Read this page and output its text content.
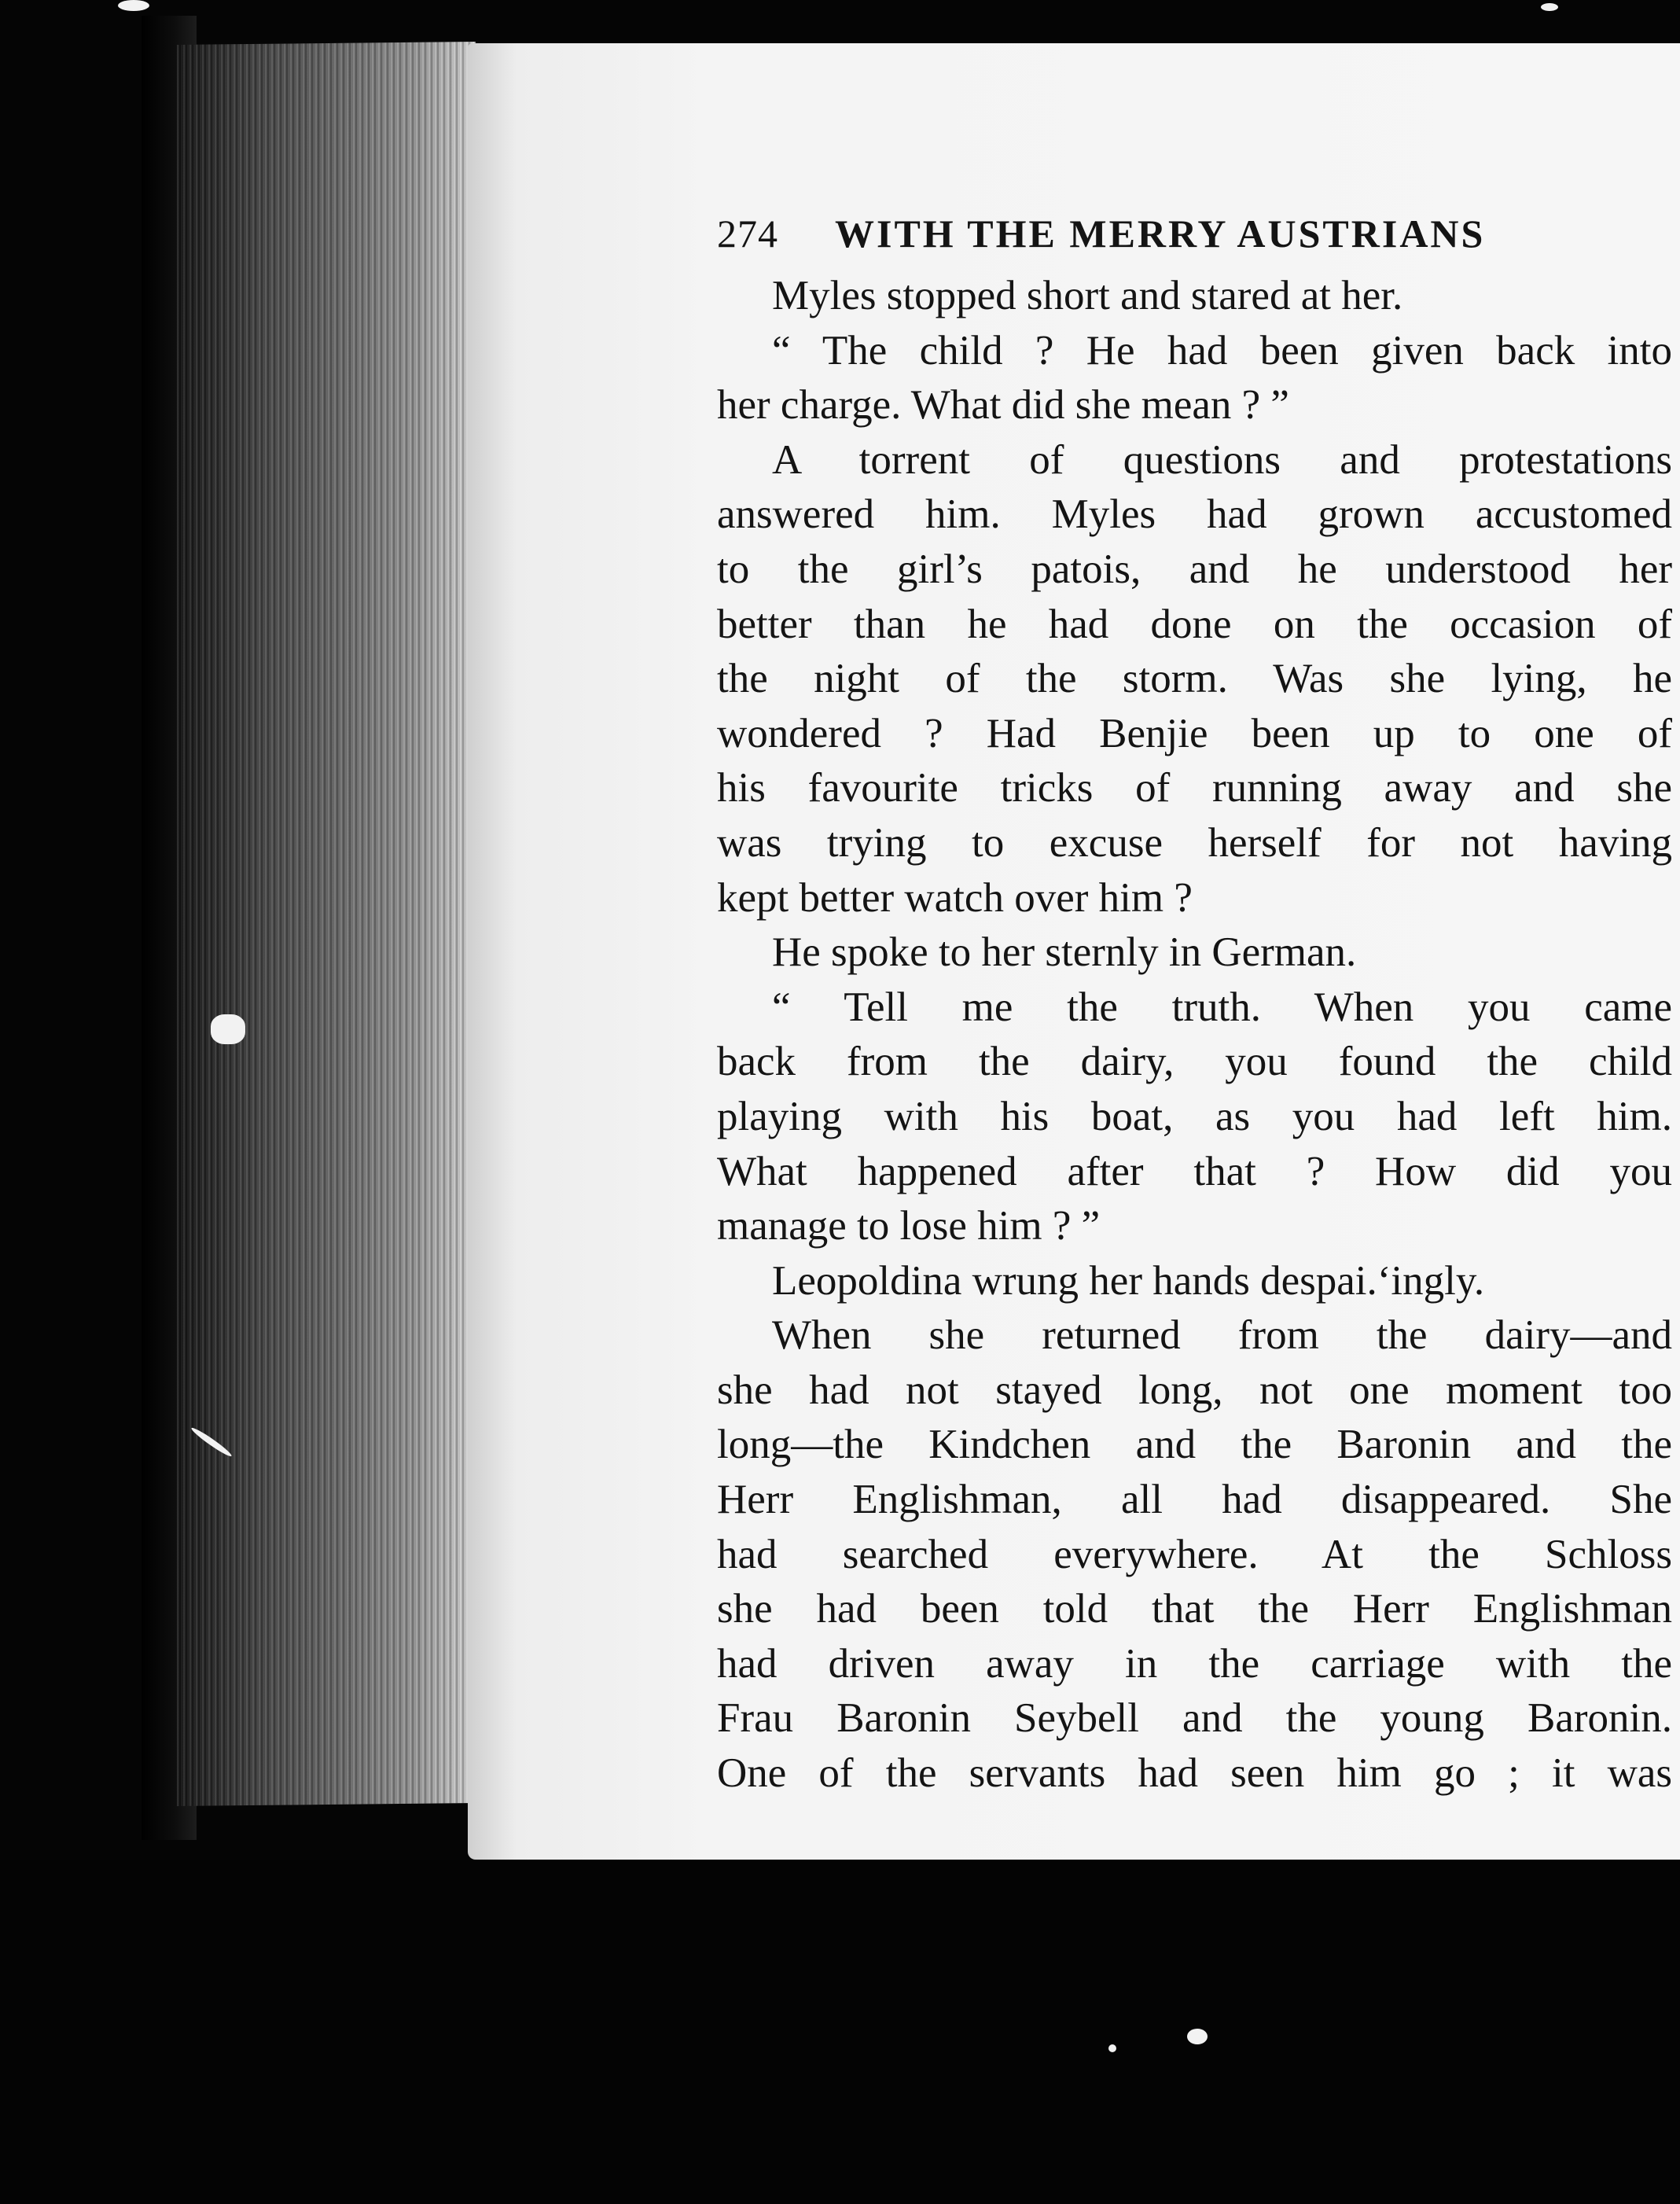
274	WITH THE MERRY AUSTRIANS
Myles stopped short and stared at her.
“ The child ? He had been given back into
her charge. What did she mean ? ”
A torrent of questions and protestations
answered him. Myles had grown accustomed
to the girl’s patois, and he understood her
better than he had done on the occasion of
the night of the storm. Was she lying, he
wondered ? Had Benjie been up to one of
his favourite tricks of running away and she
was trying to excuse herself for not having
kept better watch over him ?
He spoke to her sternly in German.
“ Tell me the truth. When you came
back from the dairy, you found the child
playing with his boat, as you had left him.
What happened after that ? How did you
manage to lose him ? ”
Leopoldina wrung her hands despai.‘ingly.
When she returned from the dairy—and
she had not stayed long, not one moment too
long—the Kindchen and the Baronin and the
Herr Englishman, all had disappeared. She
had searched everywhere. At the Schloss
she had been told that the Herr Englishman
had driven away in the carriage with the
Frau Baronin Seybell and the young Baronin.
One of the servants had seen him go ; it was
